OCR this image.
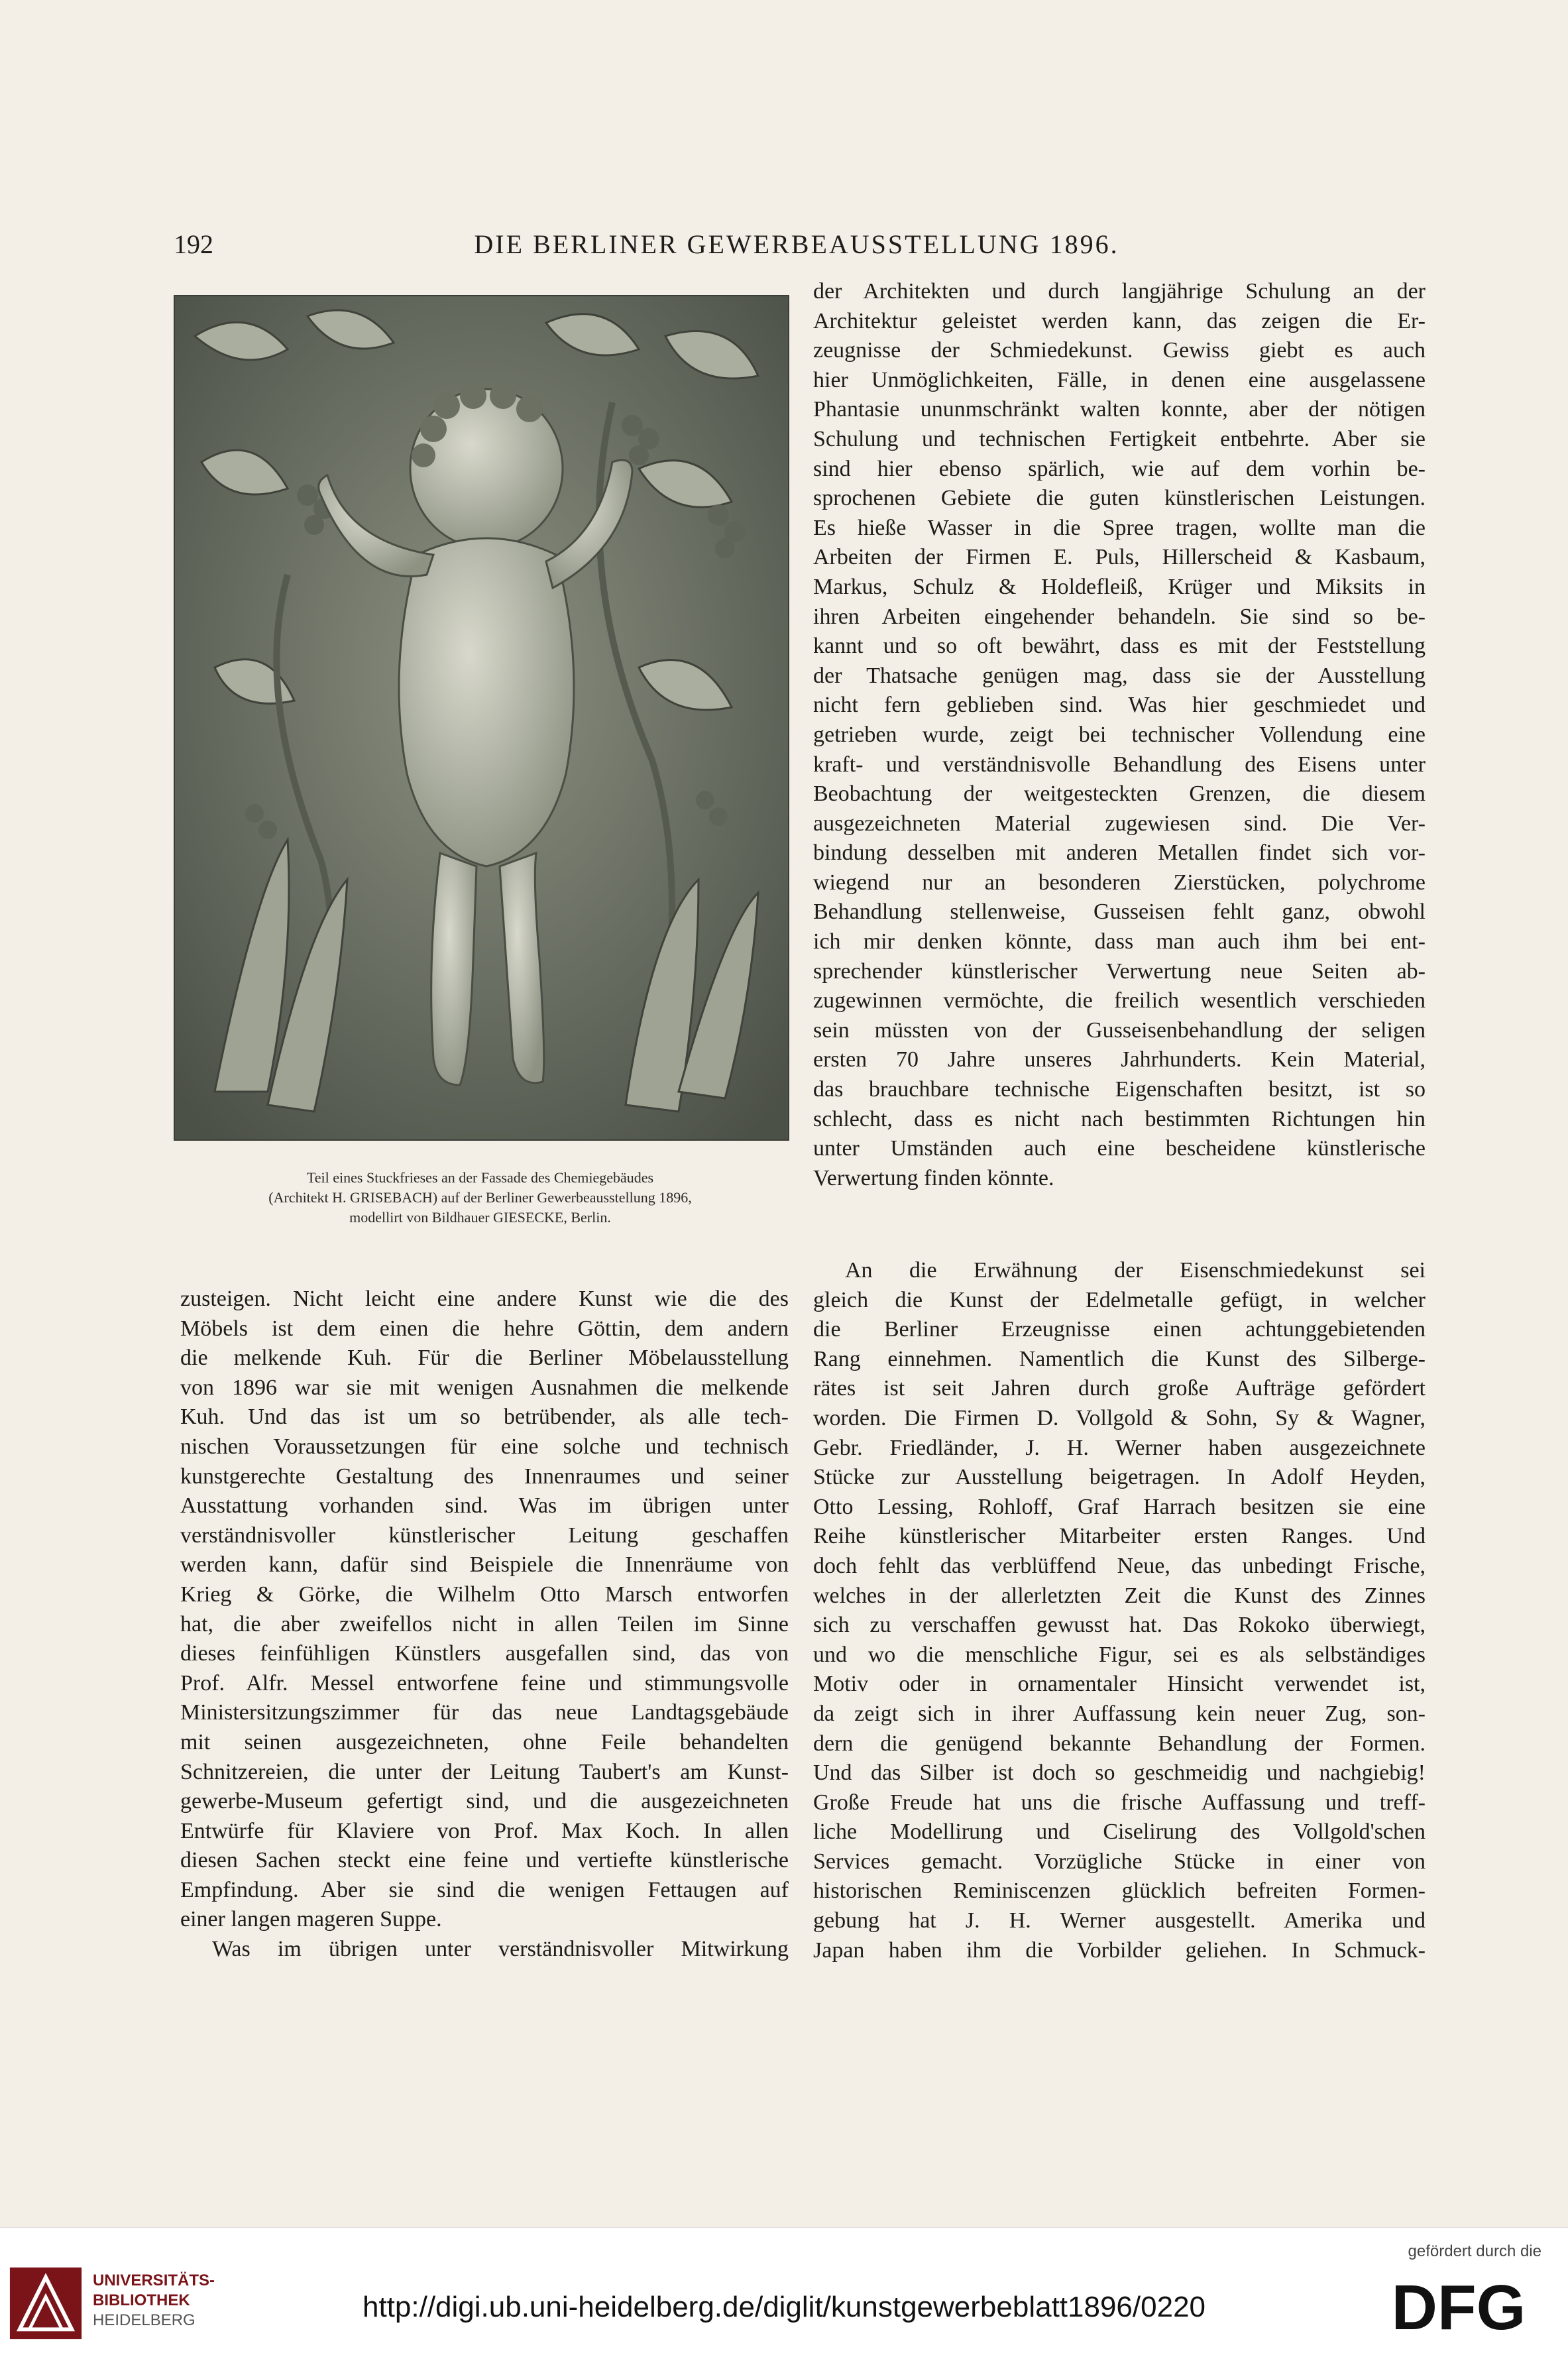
192	DIE BERLINER GEWERBEAUSSTELLUNG 1896.
Teil eines Stuckfrieses an der Fassade des Chemiegebäudes
(Architekt H. GRISEBACH) auf der Berliner Gewerbeausstellung 1896,
modellirt von Bildhauer GIESECKE, Berlin.

zusteigen. Nicht leicht eine andere Kunst wie die des

Möbels ist dem einen die hehre Göttin, dem andern

die melkende Kuh. Für die Berliner Möbelausstellung

von 1896 war sie mit wenigen Ausnahmen die melkende

Kuh. Und das ist um so betrübender, als alle tech-

nischen Voraussetzungen für eine solche und technisch

kunstgerechte Gestaltung des Innenraumes und seiner

Ausstattung vorhanden sind. Was im übrigen unter

verständnisvoller künstlerischer Leitung geschaffen

werden kann, dafür sind Beispiele die Innenräume von

Krieg & Görke, die Wilhelm Otto Marsch entworfen

hat, die aber zweifellos nicht in allen Teilen im Sinne

dieses feinfühligen Künstlers ausgefallen sind, das von

Prof. Alfr. Messel entworfene feine und stimmungsvolle

Ministersitzungszimmer für das neue Landtagsgebäude

mit seinen ausgezeichneten, ohne Feile behandelten

Schnitzereien, die unter der Leitung Taubert's am Kunst-

gewerbe-Museum gefertigt sind, und die ausgezeichneten

Entwürfe für Klaviere von Prof. Max Koch. In allen

diesen Sachen steckt eine feine und vertiefte künstlerische

Empfindung. Aber sie sind die wenigen Fettaugen auf

einer langen mageren Suppe.

Was im übrigen unter verständnisvoller Mitwirkung

der Architekten und durch langjährige Schulung an der

Architektur geleistet werden kann, das zeigen die Er-

zeugnisse der Schmiedekunst. Gewiss giebt es auch

hier Unmöglichkeiten, Fälle, in denen eine ausgelassene

Phantasie ununmschränkt walten konnte, aber der nötigen

Schulung und technischen Fertigkeit entbehrte. Aber sie

sind hier ebenso spärlich, wie auf dem vorhin be-

sprochenen Gebiete die guten künstlerischen Leistungen.

Es hieße Wasser in die Spree tragen, wollte man die

Arbeiten der Firmen E. Puls, Hillerscheid & Kasbaum,

Markus, Schulz & Holdefleiß, Krüger und Miksits in

ihren Arbeiten eingehender behandeln. Sie sind so be-

kannt und so oft bewährt, dass es mit der Feststellung

der Thatsache genügen mag, dass sie der Ausstellung

nicht fern geblieben sind. Was hier geschmiedet und

getrieben wurde, zeigt bei technischer Vollendung eine

kraft- und verständnisvolle Behandlung des Eisens unter

Beobachtung der weitgesteckten Grenzen, die diesem

ausgezeichneten Material zugewiesen sind. Die Ver-

bindung desselben mit anderen Metallen findet sich vor-

wiegend nur an besonderen Zierstücken, polychrome

Behandlung stellenweise, Gusseisen fehlt ganz, obwohl

ich mir denken könnte, dass man auch ihm bei ent-

sprechender künstlerischer Verwertung neue Seiten ab-

zugewinnen vermöchte, die freilich wesentlich verschieden

sein müssten von der Gusseisenbehandlung der seligen

ersten 70 Jahre unseres Jahrhunderts. Kein Material,

das brauchbare technische Eigenschaften besitzt, ist so

schlecht, dass es nicht nach bestimmten Richtungen hin

unter Umständen auch eine bescheidene künstlerische

Verwertung finden könnte.

An die Erwähnung der Eisenschmiedekunst sei

gleich die Kunst der Edelmetalle gefügt, in welcher

die Berliner Erzeugnisse einen achtunggebietenden

Rang einnehmen. Namentlich die Kunst des Silberge-

rätes ist seit Jahren durch große Aufträge gefördert

worden. Die Firmen D. Vollgold & Sohn, Sy & Wagner,

Gebr. Friedländer, J. H. Werner haben ausgezeichnete

Stücke zur Ausstellung beigetragen. In Adolf Heyden,

Otto Lessing, Rohloff, Graf Harrach besitzen sie eine

Reihe künstlerischer Mitarbeiter ersten Ranges. Und

doch fehlt das verblüffend Neue, das unbedingt Frische,

welches in der allerletzten Zeit die Kunst des Zinnes

sich zu verschaffen gewusst hat. Das Rokoko überwiegt,

und wo die menschliche Figur, sei es als selbständiges

Motiv oder in ornamentaler Hinsicht verwendet ist,

da zeigt sich in ihrer Auffassung kein neuer Zug, son-

dern die genügend bekannte Behandlung der Formen.

Und das Silber ist doch so geschmeidig und nachgiebig!

Große Freude hat uns die frische Auffassung und treff-

liche Modellirung und Ciselirung des Vollgold'schen

Services gemacht. Vorzügliche Stücke in einer von

historischen Reminiscenzen glücklich befreiten Formen-

gebung hat J. H. Werner ausgestellt. Amerika und

Japan haben ihm die Vorbilder geliehen. In Schmuck-

UNIVERSITÄTS-
BIBLIOTHEK
HEIDELBERG	http://digi.ub.uni-heidelberg.de/diglit/kunstgewerbeblatt1896/0220
gefördert durch die
DFG
